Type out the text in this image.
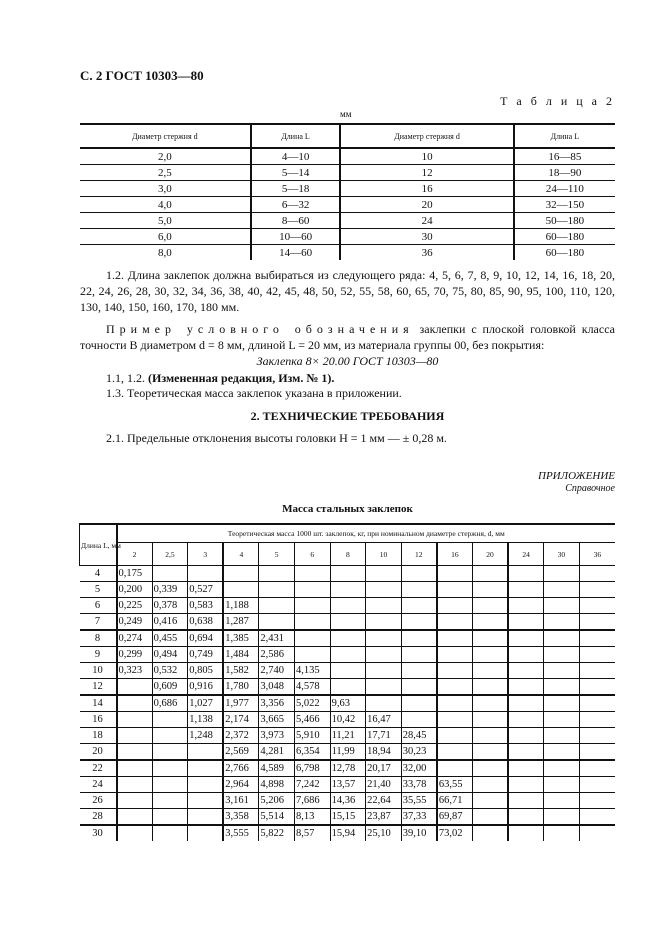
С. 2 ГОСТ 10303—80
Т а б л и ц а 2
мм
Диаметр стержня d	Длина L	Диаметр стержня d	Длина L
2,0	4—10	10	16—85
2,5	5—14	12	18—90
3,0	5—18	16	24—110
4,0	6—32	20	32—150
5,0	8—60	24	50—180
6,0	10—60	30	60—180
8,0	14—60	36	60—180
1.2. Длина заклепок должна выбираться из следующего ряда: 4, 5, 6, 7, 8, 9, 10, 12, 14, 16, 18, 20, 22, 24, 26, 28, 30, 32, 34, 36, 38, 40, 42, 45, 48, 50, 52, 55, 58, 60, 65, 70, 75, 80, 85, 90, 95, 100, 110, 120, 130, 140, 150, 160, 170, 180 мм.
Пример условного обозначения заклепки с плоской головкой класса точности В диаметром d = 8 мм, длиной L = 20 мм, из материала группы 00, без покрытия:
Заклепка 8× 20.00 ГОСТ 10303—80
1.1, 1.2. (Измененная редакция, Изм. № 1).
1.3. Теоретическая масса заклепок указана в приложении.
2. ТЕХНИЧЕСКИЕ ТРЕБОВАНИЯ
2.1. Предельные отклонения высоты головки H = 1 мм — ± 0,28 м.
ПРИЛОЖЕНИЕ
Справочное
Масса стальных заклепок
Длина L, мм	Теоретическая масса 1000 шт. заклепок, кг, при номинальном диаметре стержня, d, мм													
	2	2,5	3	4	5	6	8	10	12	16	20	24	30	36
4	0,175													
5	0,200	0,339	0,527											
6	0,225	0,378	0,583	1,188										
7	0,249	0,416	0,638	1,287										
8	0,274	0,455	0,694	1,385	2,431									
9	0,299	0,494	0,749	1,484	2,586									
10	0,323	0,532	0,805	1,582	2,740	4,135								
12		0,609	0,916	1,780	3,048	4,578								
14		0,686	1,027	1,977	3,356	5,022	9,63							
16			1,138	2,174	3,665	5,466	10,42	16,47						
18			1,248	2,372	3,973	5,910	11,21	17,71	28,45					
20				2,569	4,281	6,354	11,99	18,94	30,23					
22				2,766	4,589	6,798	12,78	20,17	32,00					
24				2,964	4,898	7,242	13,57	21,40	33,78	63,55				
26				3,161	5,206	7,686	14,36	22,64	35,55	66,71				
28				3,358	5,514	8,13	15,15	23,87	37,33	69,87				
30				3,555	5,822	8,57	15,94	25,10	39,10	73,02				
